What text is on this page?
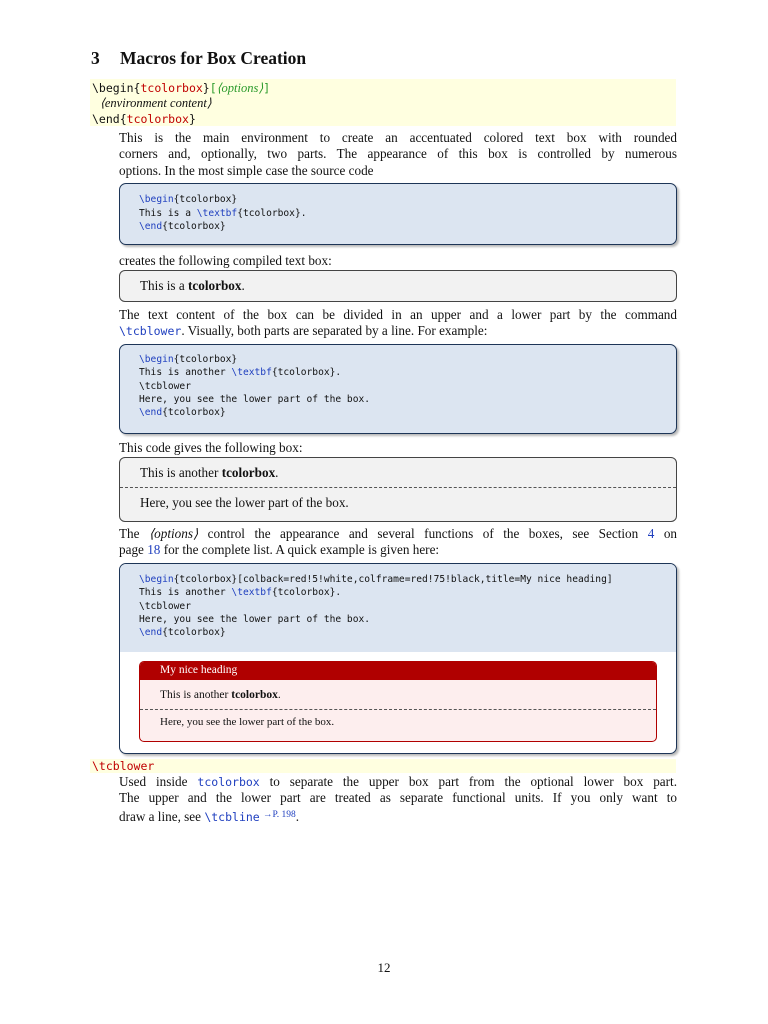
3 Macros for Box Creation
\begin{tcolorbox}[⟨options⟩]
⟨environment content⟩
\end{tcolorbox}
This is the main environment to create an accentuated colored text box with rounded
corners and, optionally, two parts. The appearance of this box is controlled by numerous
options. In the most simple case the source code
\begin{tcolorbox}
This is a \textbf{tcolorbox}.
\end{tcolorbox}
creates the following compiled text box:
This is a tcolorbox.
The text content of the box can be divided in an upper and a lower part by the command
\tcblower. Visually, both parts are separated by a line. For example:
\begin{tcolorbox}
This is another \textbf{tcolorbox}.
\tcblower
Here, you see the lower part of the box.
\end{tcolorbox}
This code gives the following box:
This is another tcolorbox.
Here, you see the lower part of the box.
The ⟨options⟩ control the appearance and several functions of the boxes, see Section 4 on
page 18 for the complete list. A quick example is given here:
\begin{tcolorbox}[colback=red!5!white,colframe=red!75!black,title=My nice heading]
This is another \textbf{tcolorbox}.
\tcblower
Here, you see the lower part of the box.
\end{tcolorbox}
My nice heading
This is another tcolorbox.
Here, you see the lower part of the box.
\tcblower
Used inside tcolorbox to separate the upper box part from the optional lower box part.
The upper and the lower part are treated as separate functional units. If you only want to
draw a line, see \tcbline $^{\to P. 198}$.
12
